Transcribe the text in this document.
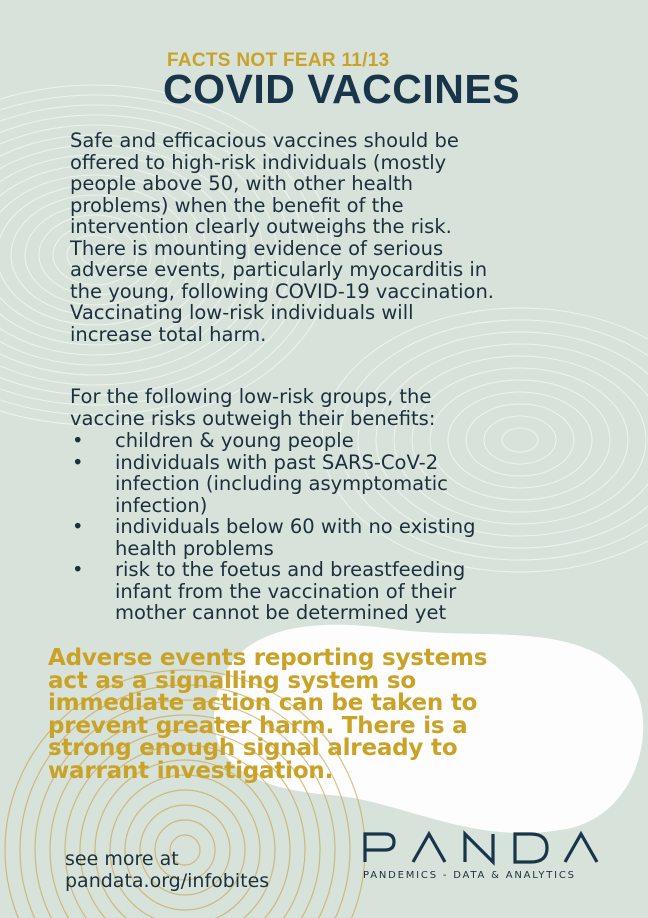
FACTS NOT FEAR 11/13
COVID VACCINES

Safe and efficacious vaccines should be
offered to high-risk individuals (mostly
people above 50, with other health
problems) when the benefit of the
intervention clearly outweighs the risk.
There is mounting evidence of serious
adverse events, particularly myocarditis in
the young, following COVID-19 vaccination.
Vaccinating low-risk individuals will
increase total harm.

For the following low-risk groups, the
vaccine risks outweigh their benefits:

• children & young people
• individuals with past SARS-CoV-2
infection (including asymptomatic
infection)
• individuals below 60 with no existing
health problems
• risk to the foetus and breastfeeding
infant from the vaccination of their
mother cannot be determined yet

Adverse events reporting systems
act as a signalling system so
immediate action can be taken to
prevent greater harm. There is a
strong enough signal already to
warrant investigation.

see more at
pandata.org/infobites	PANDEMICS - DATA & ANALYTICS
